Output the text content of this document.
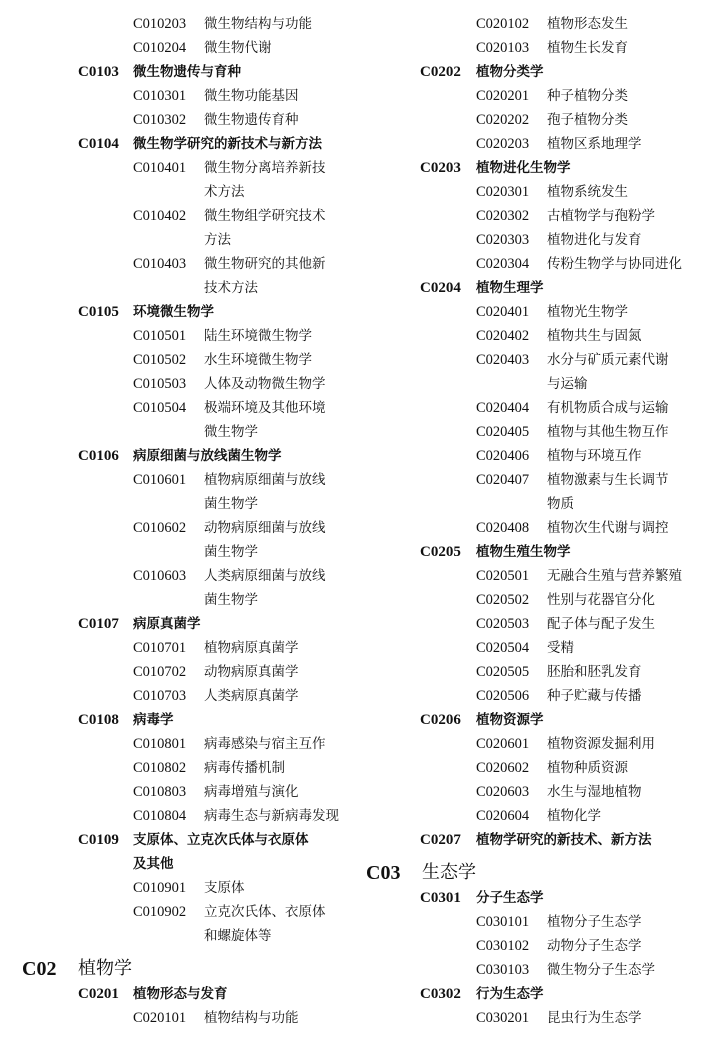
C010203 微生物结构与功能
C010204 微生物代谢
C0103 微生物遗传与育种
C010301 微生物功能基因
C010302 微生物遗传育种
C0104 微生物学研究的新技术与新方法
C010401 微生物分离培养新技
术方法
C010402 微生物组学研究技术
方法
C010403 微生物研究的其他新
技术方法
C0105 环境微生物学
C010501 陆生环境微生物学
C010502 水生环境微生物学
C010503 人体及动物微生物学
C010504 极端环境及其他环境
微生物学
C0106 病原细菌与放线菌生物学
C010601 植物病原细菌与放线
菌生物学
C010602 动物病原细菌与放线
菌生物学
C010603 人类病原细菌与放线
菌生物学
C0107 病原真菌学
C010701 植物病原真菌学
C010702 动物病原真菌学
C010703 人类病原真菌学
C0108 病毒学
C010801 病毒感染与宿主互作
C010802 病毒传播机制
C010803 病毒增殖与演化
C010804 病毒生态与新病毒发现
C0109 支原体、立克次氏体与衣原体
及其他
C010901 支原体
C010902 立克次氏体、衣原体
和螺旋体等
C02 植物学
C0201 植物形态与发育
C020101 植物结构与功能
C020102 植物形态发生
C020103 植物生长发育
C0202 植物分类学
C020201 种子植物分类
C020202 孢子植物分类
C020203 植物区系地理学
C0203 植物进化生物学
C020301 植物系统发生
C020302 古植物学与孢粉学
C020303 植物进化与发育
C020304 传粉生物学与协同进化
C0204 植物生理学
C020401 植物光生物学
C020402 植物共生与固氮
C020403 水分与矿质元素代谢
与运输
C020404 有机物质合成与运输
C020405 植物与其他生物互作
C020406 植物与环境互作
C020407 植物激素与生长调节
物质
C020408 植物次生代谢与调控
C0205 植物生殖生物学
C020501 无融合生殖与营养繁殖
C020502 性别与花器官分化
C020503 配子体与配子发生
C020504 受精
C020505 胚胎和胚乳发育
C020506 种子贮藏与传播
C0206 植物资源学
C020601 植物资源发掘利用
C020602 植物种质资源
C020603 水生与湿地植物
C020604 植物化学
C0207 植物学研究的新技术、新方法
C03 生态学
C0301 分子生态学
C030101 植物分子生态学
C030102 动物分子生态学
C030103 微生物分子生态学
C0302 行为生态学
C030201 昆虫行为生态学
